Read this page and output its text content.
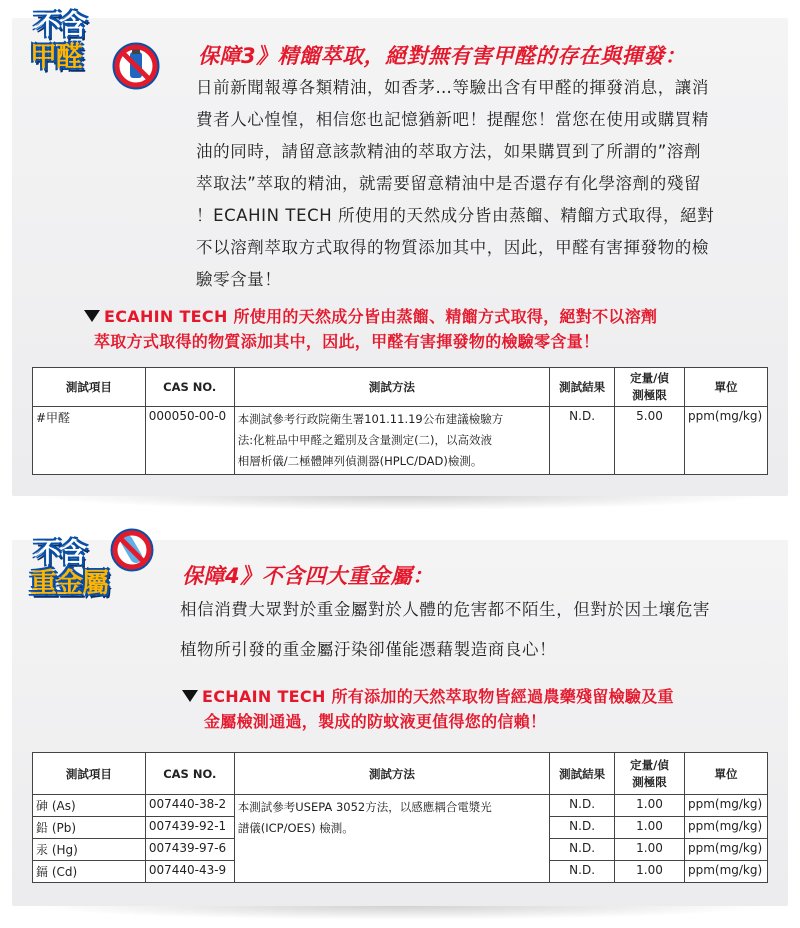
不含
甲醛	保障3》精餾萃取，絕對無有害甲醛的存在與揮發：
日前新聞報導各類精油，如香茅…等驗出含有甲醛的揮發消息，讓消
費者人心惶惶，相信您也記憶猶新吧！提醒您！當您在使用或購買精
油的同時，請留意該款精油的萃取方法，如果購買到了所謂的”溶劑
萃取法”萃取的精油，就需要留意精油中是否還存有化學溶劑的殘留
！ECAHIN TECH 所使用的天然成分皆由蒸餾、精餾方式取得，絕對
不以溶劑萃取方式取得的物質添加其中，因此，甲醛有害揮發物的檢
驗零含量！
ECAHIN TECH 所使用的天然成分皆由蒸餾、精餾方式取得，絕對不以溶劑
萃取方式取得的物質添加其中，因此，甲醛有害揮發物的檢驗零含量！
測試項目	CAS NO.	測試方法	測試結果	定量/偵
測極限	單位
#甲醛	000050-00-0	本測試參考行政院衛生署101.11.19公布建議檢驗方
法:化粧品中甲醛之鑑別及含量測定(二)，以高效液
相層析儀/二極體陣列偵測器(HPLC/DAD)檢測。	N.D.	5.00	ppm(mg/kg)
不含
重金屬	保障4》不含四大重金屬：
相信消費大眾對於重金屬對於人體的危害都不陌生，但對於因土壤危害
植物所引發的重金屬汙染卻僅能憑藉製造商良心！
ECHAIN TECH 所有添加的天然萃取物皆經過農藥殘留檢驗及重
金屬檢測通過，製成的防蚊液更值得您的信賴！
測試項目	CAS NO.	測試方法	測試結果	定量/偵
測極限	單位
砷 (As)	007440-38-2	本測試參考USEPA 3052方法，以感應耦合電漿光
譜儀(ICP/OES) 檢測。	N.D.	1.00	ppm(mg/kg)
鉛 (Pb)	007439-92-1		N.D.	1.00	ppm(mg/kg)
汞 (Hg)	007439-97-6		N.D.	1.00	ppm(mg/kg)
鎘 (Cd)	007440-43-9		N.D.	1.00	ppm(mg/kg)
